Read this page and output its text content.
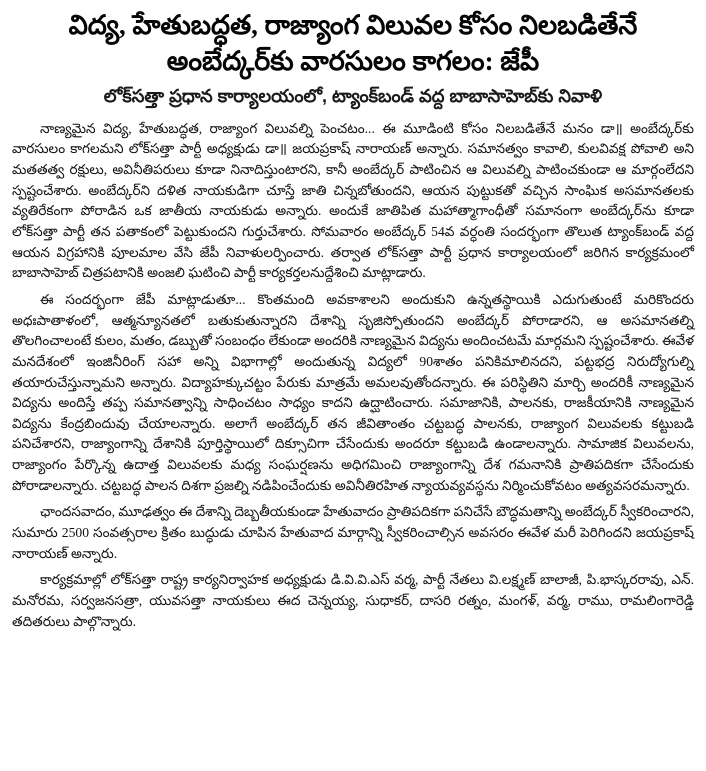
విద్య, హేతుబద్ధత, రాజ్యాంగ విలువల కోసం నిలబడితేనే అంబేద్కర్‌కు వారసులం కాగలం: జేపీ
లోక్‌సత్తా ప్రధాన కార్యాలయంలో, ట్యాంక్‌బండ్ వద్ద బాబాసాహెబ్‌కు నివాళి

నాణ్యమైన విద్య, హేతుబద్ధత, రాజ్యాంగ విలువల్ని పెంచటం... ఈ మూడింటి కోసం నిలబడితేనే మనం డా॥ అంబేద్కర్‌కు వారసులం కాగలమని లోక్‌సత్తా పార్టీ అధ్యక్షుడు డా॥ జయప్రకాష్ నారాయణ్ అన్నారు. సమానత్వం కావాలి, కులవివక్ష పోవాలి అని మతతత్వ రక్షులు, అవినీతిపరులు కూడా నినాదిస్తుంటారని, కానీ అంబేద్కర్ పాటించిన ఆ విలువల్ని పాటించకుండా ఆ మార్గంలేదని స్పష్టంచేశారు. అంబేద్కర్‌ని దళిత నాయకుడిగా చూస్తే జాతి చిన్నబోతుందని, ఆయన పుట్టుకతో వచ్చిన సాంఘిక అసమానతలకు వ్యతిరేకంగా పోరాడిన ఒక జాతీయ నాయకుడు అన్నారు. అందుకే జాతిపిత మహాత్మాగాంధీతో సమానంగా అంబేద్కర్‌ను కూడా లోక్‌సత్తా పార్టీ తన పతాకంలో పెట్టుకుందని గుర్తుచేశారు. సోమవారం అంబేద్కర్ 54వ వర్ధంతి సందర్భంగా తొలుత ట్యాంక్‌బండ్ వద్ద ఆయన విగ్రహానికి పూలమాల వేసి జేపీ నివాళులర్పించారు. తర్వాత లోక్‌సత్తా పార్టీ ప్రధాన కార్యాలయంలో జరిగిన కార్యక్రమంలో బాబాసాహెబ్ చిత్రపటానికి అంజలి ఘటించి పార్టీ కార్యకర్తలనుద్దేశించి మాట్లాడారు.

ఈ సందర్భంగా జేపీ మాట్లాడుతూ... కొంతమంది అవకాశాలని అందుకుని ఉన్నతస్థాయికి ఎదుగుతుంటే మరికొందరు అధఃపాతాళంలో, ఆత్మన్యూనతలో బతుకుతున్నారని దేశాన్ని సృజిస్పోతుందని అంబేద్కర్ పోరాడారని, ఆ అసమానతల్ని తొలగించాలంటే కులం, మతం, డబ్బుతో సంబంధం లేకుండా అందరికి నాణ్యమైన విద్యను అందించటమే మార్గమని స్పష్టంచేశారు. ఈవేళ మనదేశంలో ఇంజినీరింగ్ సహా అన్ని విభాగాల్లో అందుతున్న విద్యలో 90శాతం పనికిమాలినదని, పట్టభద్ర నిరుద్యోగుల్ని తయారుచేస్తున్నామని అన్నారు. విద్యాహక్కుచట్టం పేరుకు మాత్రమే అమలవుతోందన్నారు. ఈ పరిస్థితిని మార్చి అందరికీ నాణ్యమైన విద్యను అందిస్తే తప్ప సమానత్వాన్ని సాధించటం సాధ్యం కాదని ఉద్ఘాటించారు. సమాజానికి, పాలనకు, రాజకీయానికి నాణ్యమైన విద్యను కేంద్రబిందువు చేయాలన్నారు. అలాగే అంబేద్కర్ తన జీవితాంతం చట్టబద్ధ పాలనకు, రాజ్యాంగ విలువలకు కట్టుబడి పనిచేశారని, రాజ్యాంగాన్ని దేశానికి పూర్తిస్థాయిలో దిక్సూచిగా చేసేందుకు అందరూ కట్టుబడి ఉండాలన్నారు. సామాజిక విలువలను, రాజ్యాంగం పేర్కొన్న ఉదాత్త విలువలకు మధ్య సంఘర్షణను అధిగమించి రాజ్యాంగాన్ని దేశ గమనానికి ప్రాతిపదికగా చేసేందుకు పోరాడాలన్నారు. చట్టబద్ధ పాలన దిశగా ప్రజల్ని నడిపించేందుకు అవినీతిరహిత న్యాయవ్యవస్థను నిర్మించుకోవటం అత్యవసరమన్నారు.

ఛాందసవాదం, మూఢత్వం ఈ దేశాన్ని దెబ్బతీయకుండా హేతువాదం ప్రాతిపదికగా పనిచేసే బౌద్ధమతాన్ని అంబేద్కర్ స్వీకరించారని, సుమారు 2500 సంవత్సరాల క్రితం బుద్ధుడు చూపిన హేతువాద మార్గాన్ని స్వీకరించాల్సిన అవసరం ఈవేళ మరీ పెరిగిందని జయప్రకాష్ నారాయణ్ అన్నారు.

కార్యక్రమాల్లో లోక్‌సత్తా రాష్ట్ర కార్యనిర్వాహక అధ్యక్షుడు డి.వి.వి.ఎస్ వర్మ, పార్టీ నేతలు వి.లక్ష్మణ్ బాలాజీ, పి.భాస్కరరావు, ఎన్. మనోరమ, సర్వజనసత్రా, యువసత్తా నాయకులు ఈద చెన్నయ్య, సుధాకర్, దాసరి రత్నం, మంగళ్, వర్మ, రాము, రామలింగారెడ్డి తదితరులు పాల్గొన్నారు.
